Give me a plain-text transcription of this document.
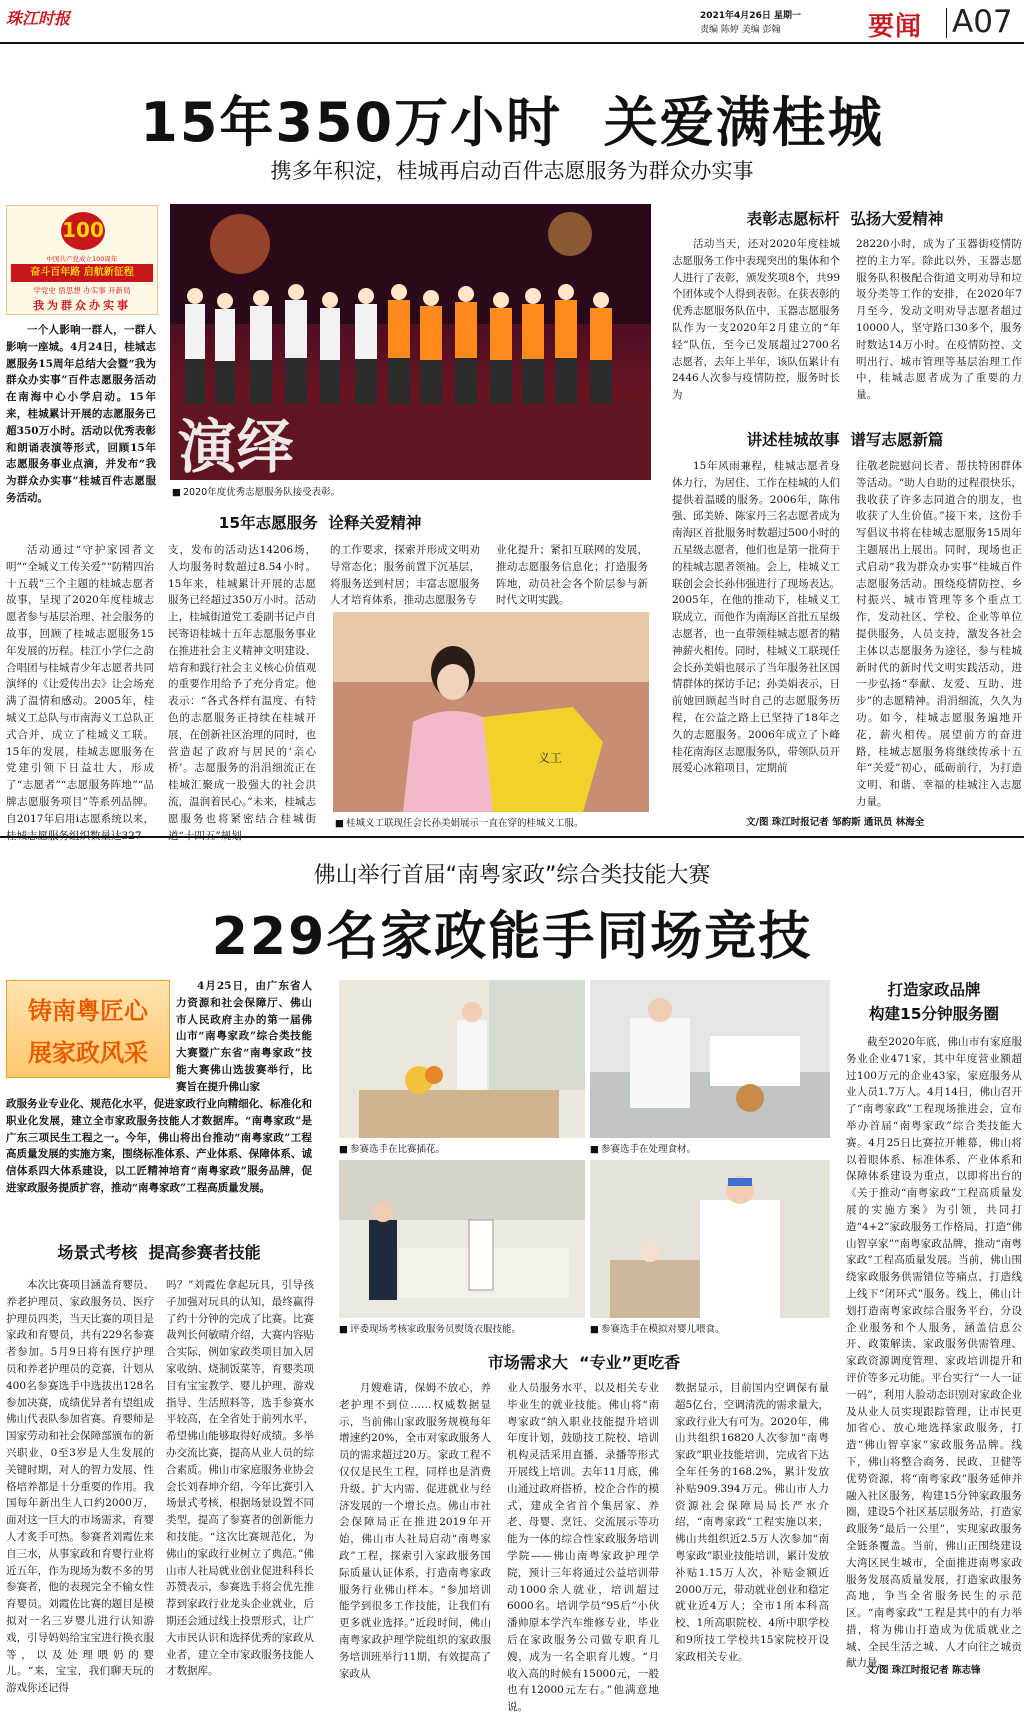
珠江时报	2021年4月26日 星期一
责编 陈婷 美编 彭翰	要闻 A07
15年350万小时  关爱满桂城
携多年积淀，桂城再启动百件志愿服务为群众办实事
100
中国共产党成立100周年
奋斗百年路 启航新征程
学党史 悟思想 办实事 开新局
我为群众办实事

一个人影响一群人，一群人影响一座城。4月24日，桂城志愿服务15周年总结大会暨“我为群众办实事”百件志愿服务活动在南海中心小学启动。15年来，桂城累计开展的志愿服务已超350万小时。活动以优秀表彰和朗诵表演等形式，回顾15年志愿服务事业点滴，并发布“我为群众办实事”桂城百件志愿服务活动。

演绎
■ 2020年度优秀志愿服务队接受表彰。
15年志愿服务  诠释关爱精神

活动通过“守护家园者文明”“全城义工传关爱”“防精四治十五载”三个主题的桂城志愿者故事，呈现了2020年度桂城志愿者参与基层治理、社会服务的故事，回顾了桂城志愿服务15年发展的历程。桂江小学仁之韵合唱团与桂城青少年志愿者共同演绎的《让爱传出去》让会场充满了温情和感动。2005年，桂城义工总队与市南海义工总队正式合并，成立了桂城义工联。15年的发展，桂城志愿服务在党建引领下日益壮大，形成了“志愿者”“志愿服务阵地”“品牌志愿服务项目”等系列品牌。自2017年启用i志愿系统以来，

支，发布的活动达14206场，人均服务时数超过8.54小时。15年来，桂城累计开展的志愿服务已经超过350万小时。活动上，桂城街道党工委副书记卢自民寄语桂城十五年志愿服务事业在推进社会主义精神文明建设、培育和践行社会主义核心价值观的重要作用给予了充分肯定。他表示：“各式各样有温度、有特色的志愿服务正持续在桂城开展，在创新社区治理的同时，也营造起了政府与居民的‘亲心桥’。志愿服务的涓涓细流正在桂城汇聚成一股强大的社会洪流，温润着民心。”未来，桂城志愿服务也将紧密结合桂城街

的工作要求，探索并形成文明劝导常态化；服务前置下沉基层，将服务送到村居；丰富志愿服务人才培育体系，推动志愿服务专

业化提升；紧扣互联网的发展，推动志愿服务信息化；打造服务阵地，动员社会各个阶层参与新时代文明实践。

义工
■ 桂城义工联现任会长孙美娟展示一直在穿的桂城义工服。
表彰志愿标杆  弘扬大爱精神

活动当天，还对2020年度桂城志愿服务工作中表现突出的集体和个人进行了表彰，颁发奖项8个，共99个团体或个人得到表彰。在获表彰的优秀志愿服务队伍中，玉器志愿服务队作为一支2020年2月建立的“年轻”队伍，至今已发展超过2700名志愿者，去年上半年，该队伍累计有2446人次参与疫情防控，服务时长为

28220小时，成为了玉器街疫情防控的主力军。除此以外，玉器志愿服务队积极配合街道文明劝导和垃圾分类等工作的安排，在2020年7月至今，发动文明劝导志愿者超过10000人，坚守路口30多个，服务时数达14万小时。在疫情防控、文明出行、城市管理等基层治理工作中，桂城志愿者成为了重要的力量。

讲述桂城故事  谱写志愿新篇

15年风雨兼程，桂城志愿者身体力行，为居住、工作在桂城的人们提供着温暖的服务。2006年，陈伟强、邱美娇、陈家丹三名志愿者成为南海区首批服务时数超过500小时的五星级志愿者，他们也是第一批荷于的桂城志愿者领袖。会上，桂城义工联创会会长孙伟强进行了现场表达。2005年，在他的推动下，桂城义工联成立，而他作为南海区首批五星级志愿者，也一直带领桂城志愿者的精神薪火相传。同时，桂城义工联现任会长孙美娟也展示了当年服务社区国情群体的探访手记；孙美娟表示，日前她回顾起当时自己的志愿服务历程，在公益之路上已坚持了18年之久的志愿服务。2006年成立了卜峰桂花南海区志愿服务队，带领队员开展爱心冰箱项目，定期前

往敬老院慰问长者、帮扶特困群体等活动。“助人自助的过程很快乐，我收获了许多志同道合的朋友，也收获了人生价值。”接下来，这份手写倡议书将在桂城志愿服务15周年主题展出上展出。同时，现场也正式启动“我为群众办实事”桂城百件志愿服务活动。围绕疫情防控、乡村振兴、城市管理等多个重点工作，发动社区、学校、企业等单位提供服务，人员支持，激发各社会主体以志愿服务为途径，参与桂城新时代的新时代文明实践活动，进一步弘扬“奉献、友爱、互助、进步”的志愿精神。涓涓细流，久久为功。如今，桂城志愿服务遍地开花，薪火相传。展望前方的奋进路，桂城志愿服务将继续传承十五年“关爱”初心，砥砺前行，为打造文明、和谐、幸福的桂城注入志愿力量。

文/图 珠江时报记者 邹韵斯 通讯员 林海全
佛山举行首届“南粤家政”综合类技能大赛
229名家政能手同场竞技
铸南粤匠心
展家政风采

4月25日，由广东省人力资源和社会保障厅、佛山市人民政府主办的第一届佛山市“南粤家政”综合类技能大赛暨广东省“南粤家政”技能大赛佛山选拔赛举行，比赛旨在提升佛山家

政服务业专业化、规范化水平，促进家政行业向精细化、标准化和职业化发展，建立全市家政服务技能人才数据库。“南粤家政”是广东三项民生工程之一。今年，佛山将出台推动“南粤家政”工程高质量发展的实施方案，围绕标准体系、产业体系、保障体系、诚信体系四大体系建设，以工匠精神培育“南粤家政”服务品牌，促进家政服务提质扩容，推动“南粤家政”工程高质量发展。

场景式考核  提高参赛者技能

本次比赛项目涵盖育婴员、养老护理员、家政服务员、医疗护理员四类，当天比赛的项目是家政和育婴员，共有229名参赛者参加。5月9日将有医疗护理员和养老护理员的竞赛，计划从400名参赛选手中选拔出128名参加决赛，成绩优异者有望组成佛山代表队参加省赛。育婴师是国家劳动和社会保障部颁布的新兴职业，0至3岁是人生发展的关键时期，对人的智力发展、性格培养都是十分重要的作用。我国每年新出生人口约2000万，面对这一巨大的市场需求，育婴人才炙手可热。参赛者刘霞佐来自三水，从事家政和育婴行业将近五年，作为现场为数不多的男参赛者，他的表现完全不输女性育婴员。刘霞佐比赛的题目是模拟对一名三岁婴儿进行认知游戏，引导妈妈给宝宝进行换衣服等，以及处理喂奶的婴儿。“来，宝宝，我们聊天玩的游戏你还记得

吗？”刘霞佐拿起玩具，引导孩子加强对玩具的认知，最终赢得了约十分钟的完成了比赛。比赛裁判长何敏晴介绍，大赛内容贴合实际，例如家政类项目加入居家收纳、烧制饭菜等，育婴类项目有宝宝教学、婴儿护理、游戏指导、生活照料等，选手参赛水平较高，在全省处于前列水平，希望佛山能够取得好成绩。多举办交流比赛，提高从业人员的综合素质。佛山市家庭服务业协会会长刘春坤介绍，今年比赛引入场景式考核，根据场景设置不同类型，提高了参赛者的创新能力和技能。“这次比赛规范化，为佛山的家政行业树立了典范。”佛山市人社局就业创业促进科科长苏赞表示，参赛选手将会优先推荐到家政行业龙头企业就业，后期还会通过线上投票形式，让广大市民认识和选择优秀的家政从业者，建立全市家政服务技能人才数据库。

■ 参赛选手在比赛插花。	■ 参赛选手在处理食材。
■ 评委现场考核家政服务员熨烫衣服技能。	■ 参赛选手在模拟对婴儿喂食。
市场需求大  “专业”更吃香

月嫂难请，保姆不放心，养老护理不到位……权威数据显示，当前佛山家政服务规模每年增速约20%，全市对家政服务人员的需求超过20万。家政工程不仅仅是民生工程，同样也是消费升级、扩大内需、促进就业与经济发展的一个增长点。佛山市社会保障局正在推进2019年开始，佛山市人社局启动“南粤家政”工程，探索引入家政服务国际质量认证体系，打造南粤家政服务行业佛山样本。“参加培训能学到很多工作技能，让我们有更多就业选择。”近段时间，佛山南粤家政护理学院组织的家政服务培训班举行11期，有效提高了家政从

业人员服务水平，以及相关专业毕业生的就业技能。佛山将“南粤家政”纳入职业技能提升培训年度计划，鼓励技工院校、培训机构灵活采用直播、录播等形式开展线上培训。去年11月底，佛山通过政府搭桥，校企合作的模式，建成全省首个集居家、养老、母婴、烹饪、交流展示等功能为一体的综合性家政服务培训学院——佛山南粤家政护理学院，预计三年将通过公益培训带动1000余人就业，培训超过6000名。培训学员“95后”小伙潘帅原本学汽车维修专业，毕业后在家政服务公司做专职育儿嫂，成为一名全职育儿嫂。“月收入高的时候有15000元，一般也有12000元左右。”他满意地说。

数据显示，目前国内空调保有量超5亿台，空调清洗的需求量大，家政行业大有可为。2020年，佛山共组织16820人次参加“南粤家政”职业技能培训，完成省下达全年任务的168.2%，累计发放补贴909.394万元。佛山市人力资源社会保障局局长严水介绍，“南粤家政”工程实施以来，佛山共组织近2.5万人次参加“南粤家政”职业技能培训，累计发放补贴1.15万人次，补贴金额近2000万元，带动就业创业和稳定就业近4万人；全市1所本科高校、1所高职院校、4所中职学校和9所技工学校共15家院校开设家政相关专业。

打造家政品牌
构建15分钟服务圈

截至2020年底，佛山市有家庭服务业企业471家，其中年度营业额超过100万元的企业43家，家庭服务从业人员1.7万人。4月14日，佛山召开了“南粤家政”工程现场推进会，宣布举办首届“南粤家政”综合类技能大赛。4月25日比赛拉开帷幕，佛山将以着眼体系、标准体系、产业体系和保障体系建设为重点，以即将出台的《关于推动“南粤家政”工程高质量发展的实施方案》为引领，共同打造“4+2”家政服务工作格局，打造“佛山智享家”“南粤家政品牌，推动“南粤家政”工程高质量发展。当前，佛山围绕家政服务供需错位等痛点，打造线上线下“闭环式”服务。线上，佛山计划打造南粤家政综合服务平台，分设企业服务和个人服务，涵盖信息公开、政策解读、家政服务供需管理、家政资源调度管理、家政培训提升和评价等多元功能。平台实行“一人一证一码”，利用人脸动态识别对家政企业及从业人员实现跟踪管理，让市民更加省心、放心地选择家政服务，打造“佛山智享家”家政服务品牌。线下，佛山将整合商务、民政、卫健等优势资源，将“南粤家政”服务延伸并融入社区服务，构建15分钟家政服务圈，建设5个社区基层服务站，打造家政服务“最后一公里”，实现家政服务全链条覆盖。当前，佛山正围绕建设大湾区民生城市，全面推进南粤家政服务发展高质量发展，打造家政服务高地，争当全省服务民生的示范区。“南粤家政”工程是其中的有力举措，将为佛山打造成为优质就业之城、全民生活之城、人才向往之城贡献力量。

文/图 珠江时报记者 陈志锋
